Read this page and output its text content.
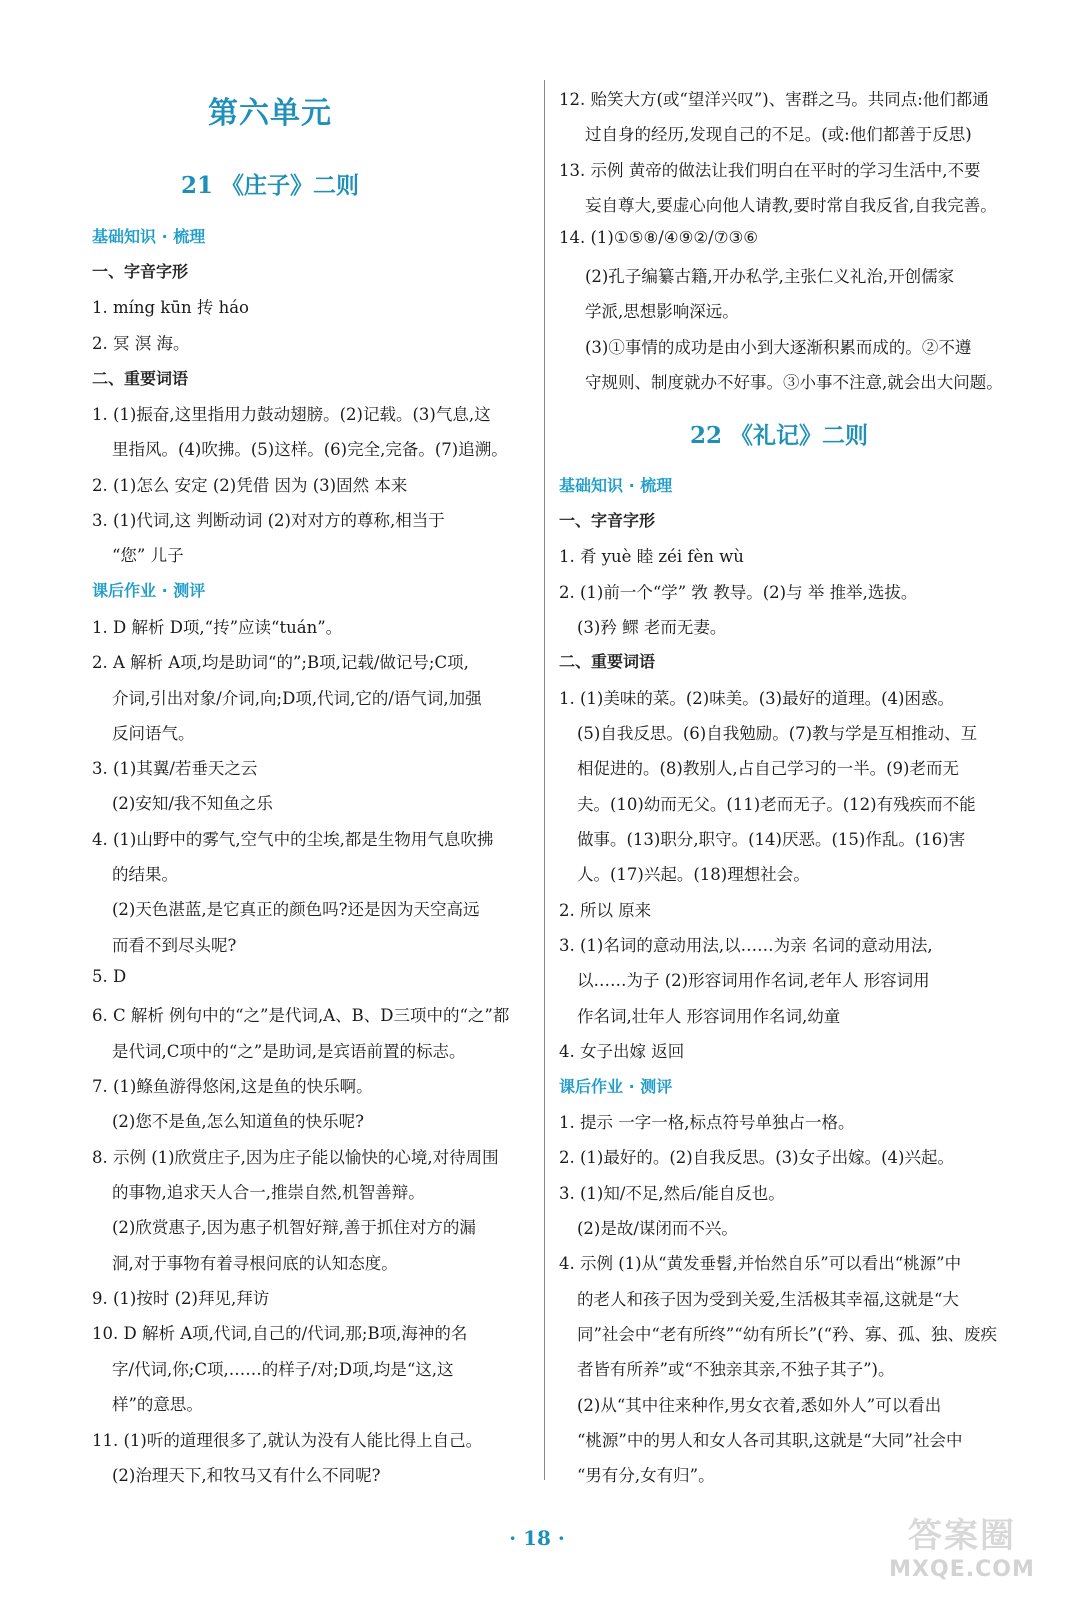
第六单元
21 《庄子》二则
基础知识 · 梳理
一、字音字形
1. míng kūn 抟 háo
2. 冥 溟 海。
二、重要词语
1. (1)振奋,这里指用力鼓动翅膀。(2)记载。(3)气息,这
里指风。(4)吹拂。(5)这样。(6)完全,完备。(7)追溯。
2. (1)怎么 安定 (2)凭借 因为 (3)固然 本来
3. (1)代词,这 判断动词 (2)对对方的尊称,相当于
“您” 儿子
课后作业 · 测评
1. D 解析 D项,“抟”应读“tuán”。
2. A 解析 A项,均是助词“的”;B项,记载/做记号;C项,
介词,引出对象/介词,向;D项,代词,它的/语气词,加强
反问语气。
3. (1)其翼/若垂天之云
(2)安知/我不知鱼之乐
4. (1)山野中的雾气,空气中的尘埃,都是生物用气息吹拂
的结果。
(2)天色湛蓝,是它真正的颜色吗?还是因为天空高远
而看不到尽头呢?
5. D
6. C 解析 例句中的“之”是代词,A、B、D三项中的“之”都
是代词,C项中的“之”是助词,是宾语前置的标志。
7. (1)鲦鱼游得悠闲,这是鱼的快乐啊。
(2)您不是鱼,怎么知道鱼的快乐呢?
8. 示例 (1)欣赏庄子,因为庄子能以愉快的心境,对待周围
的事物,追求天人合一,推崇自然,机智善辩。
(2)欣赏惠子,因为惠子机智好辩,善于抓住对方的漏
洞,对于事物有着寻根问底的认知态度。
9. (1)按时 (2)拜见,拜访
10. D 解析 A项,代词,自己的/代词,那;B项,海神的名
字/代词,你;C项,……的样子/对;D项,均是“这,这
样”的意思。
11. (1)听的道理很多了,就认为没有人能比得上自己。
(2)治理天下,和牧马又有什么不同呢?
12. 贻笑大方(或“望洋兴叹”)、害群之马。共同点:他们都通
过自身的经历,发现自己的不足。(或:他们都善于反思)
13. 示例 黄帝的做法让我们明白在平时的学习生活中,不要
妄自尊大,要虚心向他人请教,要时常自我反省,自我完善。
14. (1)①⑤⑧/④⑨②/⑦③⑥
(2)孔子编纂古籍,开办私学,主张仁义礼治,开创儒家
学派,思想影响深远。
(3)①事情的成功是由小到大逐渐积累而成的。②不遵
守规则、制度就办不好事。③小事不注意,就会出大问题。
22 《礼记》二则
基础知识 · 梳理
一、字音字形
1. 肴 yuè 睦 zéi fèn wù
2. (1)前一个“学” 敩 教导。(2)与 举 推举,选拔。
(3)矜 鳏 老而无妻。
二、重要词语
1. (1)美味的菜。(2)味美。(3)最好的道理。(4)困惑。
(5)自我反思。(6)自我勉励。(7)教与学是互相推动、互
相促进的。(8)教别人,占自己学习的一半。(9)老而无
夫。(10)幼而无父。(11)老而无子。(12)有残疾而不能
做事。(13)职分,职守。(14)厌恶。(15)作乱。(16)害
人。(17)兴起。(18)理想社会。
2. 所以 原来
3. (1)名词的意动用法,以……为亲 名词的意动用法,
以……为子 (2)形容词用作名词,老年人 形容词用
作名词,壮年人 形容词用作名词,幼童
4. 女子出嫁 返回
课后作业 · 测评
1. 提示 一字一格,标点符号单独占一格。
2. (1)最好的。(2)自我反思。(3)女子出嫁。(4)兴起。
3. (1)知/不足,然后/能自反也。
(2)是故/谋闭而不兴。
4. 示例 (1)从“黄发垂髫,并怡然自乐”可以看出“桃源”中
的老人和孩子因为受到关爱,生活极其幸福,这就是“大
同”社会中“老有所终”“幼有所长”(“矜、寡、孤、独、废疾
者皆有所养”或“不独亲其亲,不独子其子”)。
(2)从“其中往来种作,男女衣着,悉如外人”可以看出
“桃源”中的男人和女人各司其职,这就是“大同”社会中
“男有分,女有归”。
· 18 ·	答案圈
MXQE.COM
